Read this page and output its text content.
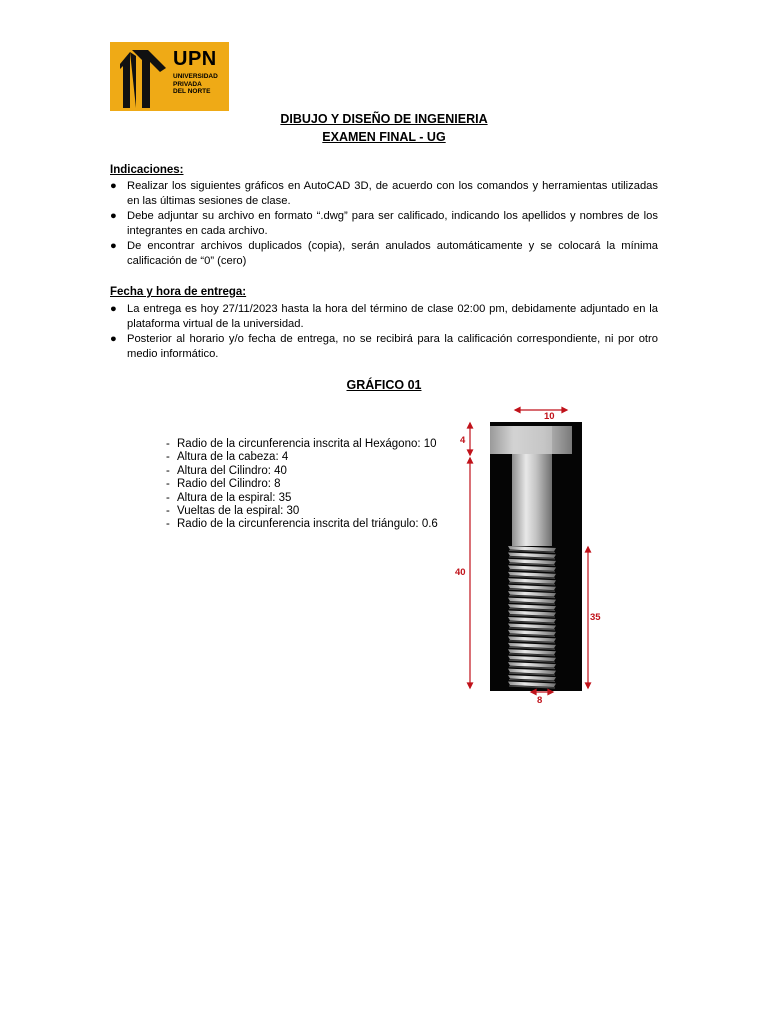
UPN
UNIVERSIDAD
PRIVADA
DEL NORTE
DIBUJO Y DISEÑO DE INGENIERIA
EXAMEN FINAL - UG
Indicaciones:
● Realizar los siguientes gráficos en AutoCAD 3D, de acuerdo con los comandos y herramientas utilizadas en las últimas sesiones de clase.
● Debe adjuntar su archivo en formato “.dwg” para ser calificado, indicando los apellidos y nombres de los integrantes en cada archivo.
● De encontrar archivos duplicados (copia), serán anulados automáticamente y se colocará la mínima calificación de “0” (cero)
Fecha y hora de entrega:
● La entrega es hoy 27/11/2023 hasta la hora del término de clase 02:00 pm, debidamente adjuntado en la plataforma virtual de la universidad.
● Posterior al horario y/o fecha de entrega, no se recibirá para la calificación correspondiente, ni por otro medio informático.
GRÁFICO 01
- Radio de la circunferencia inscrita al Hexágono: 10
- Altura de la cabeza: 4
- Altura del Cilindro: 40
- Radio del Cilindro: 8
- Altura de la espiral: 35
- Vueltas de la espiral: 30
- Radio de la circunferencia inscrita del triángulo: 0.6
10
4
40
35
8
